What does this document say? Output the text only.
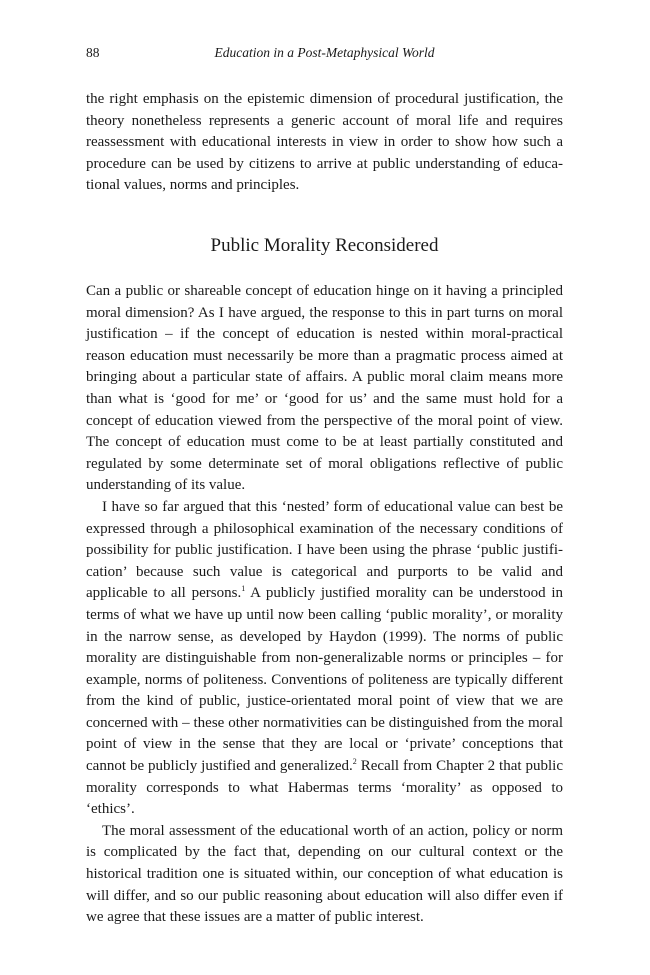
88	Education in a Post-Metaphysical World

the right emphasis on the epistemic dimension of procedural justification, the theory nonetheless represents a generic account of moral life and requires reassessment with educational interests in view in order to show how such a procedure can be used by citizens to arrive at public understanding of educational values, norms and principles.

Public Morality Reconsidered

Can a public or shareable concept of education hinge on it having a principled moral dimension? As I have argued, the response to this in part turns on moral justification – if the concept of education is nested within moral-practical reason education must necessarily be more than a pragmatic process aimed at bringing about a particular state of affairs. A public moral claim means more than what is ‘good for me’ or ‘good for us’ and the same must hold for a concept of education viewed from the perspective of the moral point of view. The concept of education must come to be at least partially constituted and regulated by some determinate set of moral obligations reflective of public understanding of its value.

I have so far argued that this ‘nested’ form of educational value can best be expressed through a philosophical examination of the necessary conditions of possibility for public justification. I have been using the phrase ‘public justification’ because such value is categorical and purports to be valid and applicable to all persons.$^1$ A publicly justified morality can be understood in terms of what we have up until now been calling ‘public morality’, or morality in the narrow sense, as developed by Haydon (1999). The norms of public morality are distinguishable from non-generalizable norms or principles – for example, norms of politeness. Conventions of politeness are typically different from the kind of public, justice-orientated moral point of view that we are concerned with – these other normativities can be distinguished from the moral point of view in the sense that they are local or ‘private’ conceptions that cannot be publicly justified and generalized.$^2$ Recall from Chapter 2 that public morality corresponds to what Habermas terms ‘morality’ as opposed to ‘ethics’.

The moral assessment of the educational worth of an action, policy or norm is complicated by the fact that, depending on our cultural context or the historical tradition one is situated within, our conception of what education is will differ, and so our public reasoning about education will also differ even if we agree that these issues are a matter of public interest.
